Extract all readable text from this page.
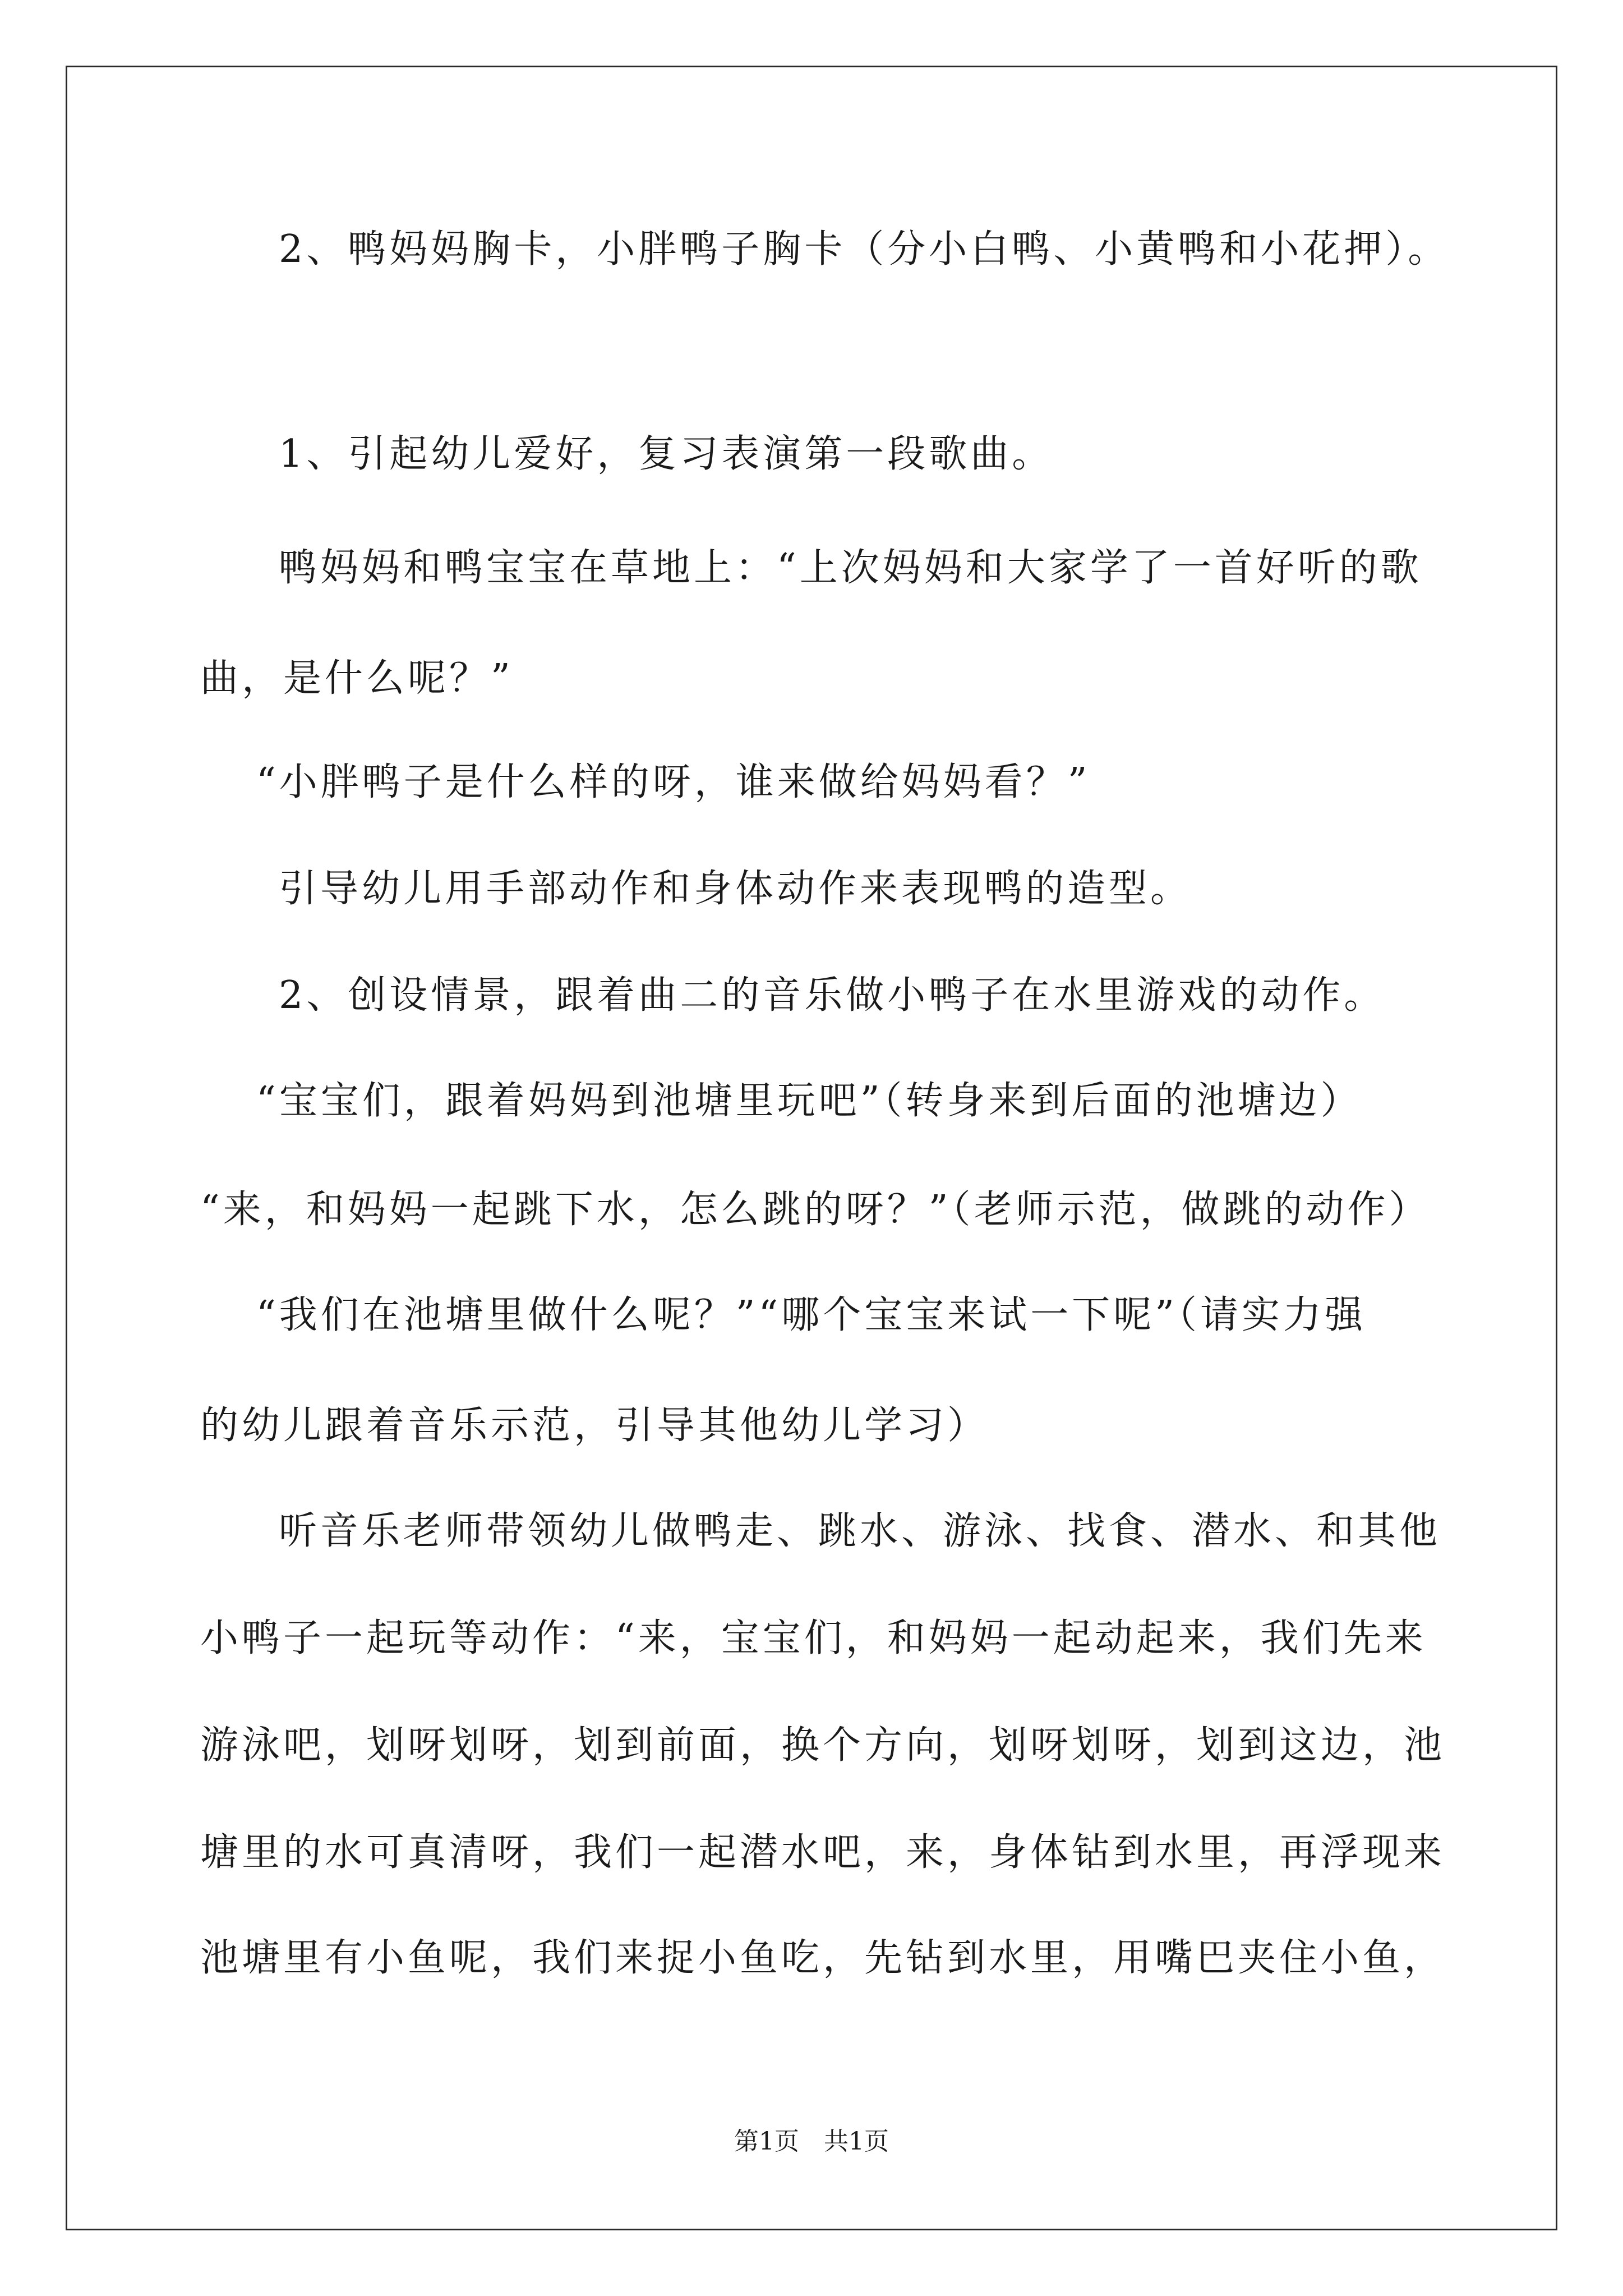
2、鸭妈妈胸卡，小胖鸭子胸卡（分小白鸭、小黄鸭和小花押）。
1、引起幼儿爱好，复习表演第一段歌曲。
鸭妈妈和鸭宝宝在草地上：“上次妈妈和大家学了一首好听的歌
曲，是什么呢？”
“小胖鸭子是什么样的呀，谁来做给妈妈看？”
引导幼儿用手部动作和身体动作来表现鸭的造型。
2、创设情景，跟着曲二的音乐做小鸭子在水里游戏的动作。
“宝宝们，跟着妈妈到池塘里玩吧”（转身来到后面的池塘边）
“来，和妈妈一起跳下水，怎么跳的呀？”（老师示范，做跳的动作）
“我们在池塘里做什么呢？”“哪个宝宝来试一下呢”（请实力强
的幼儿跟着音乐示范，引导其他幼儿学习）
听音乐老师带领幼儿做鸭走、跳水、游泳、找食、潜水、和其他
小鸭子一起玩等动作：“来，宝宝们，和妈妈一起动起来，我们先来
游泳吧，划呀划呀，划到前面，换个方向，划呀划呀，划到这边，池
塘里的水可真清呀，我们一起潜水吧，来，身体钻到水里，再浮现来
池塘里有小鱼呢，我们来捉小鱼吃，先钻到水里，用嘴巴夹住小鱼，
第1页　共1页
